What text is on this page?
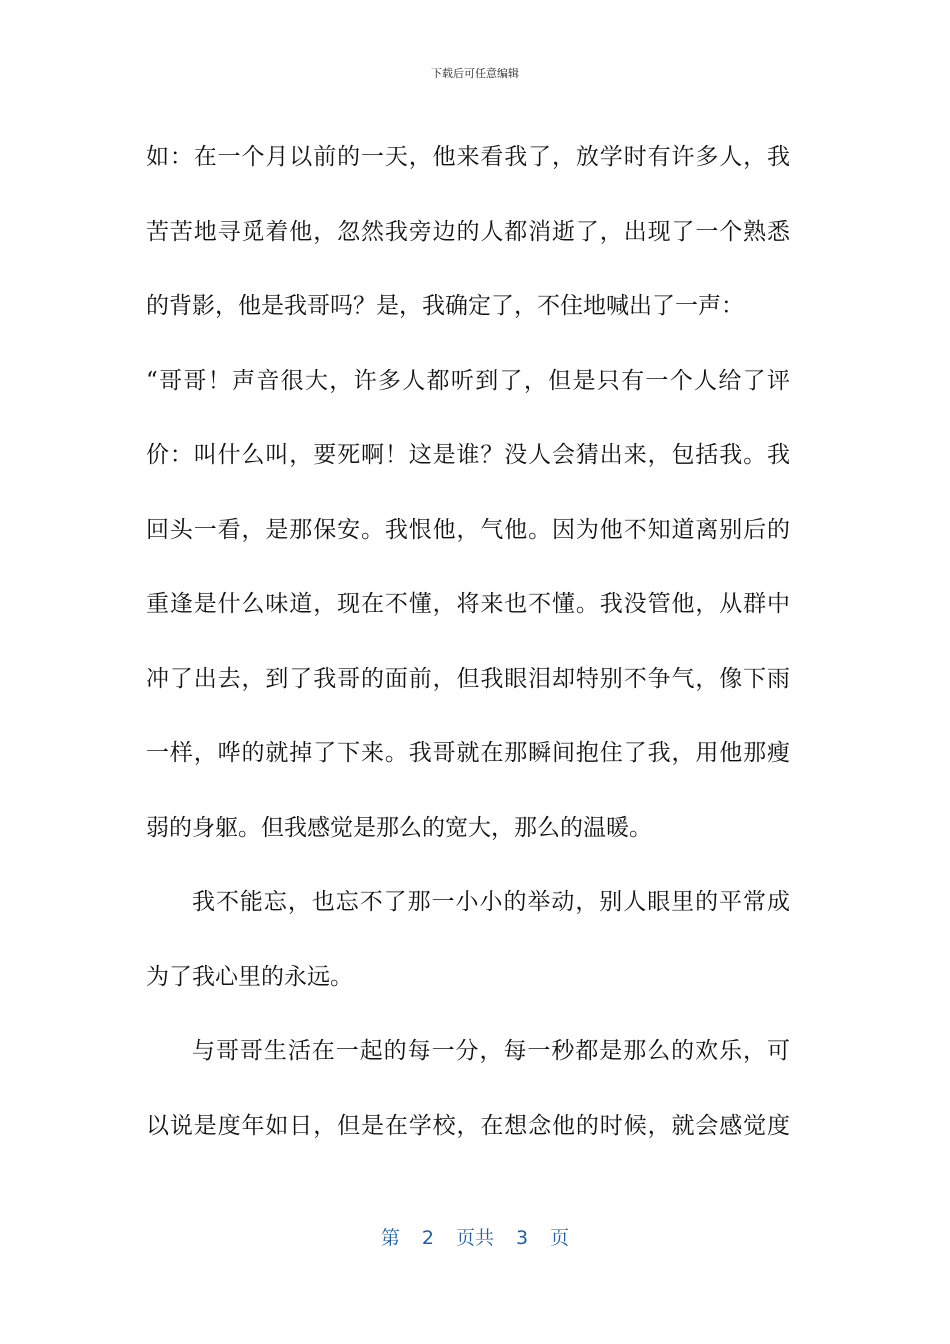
下载后可任意编辑
如：在一个月以前的一天，他来看我了，放学时有许多人，我
苦苦地寻觅着他，忽然我旁边的人都消逝了，出现了一个熟悉
的背影，他是我哥吗？是，我确定了，不住地喊出了一声：
“哥哥！声音很大，许多人都听到了，但是只有一个人给了评
价：叫什么叫，要死啊！这是谁？没人会猜出来，包括我。我
回头一看，是那保安。我恨他，气他。因为他不知道离别后的
重逢是什么味道，现在不懂，将来也不懂。我没管他，从群中
冲了出去，到了我哥的面前，但我眼泪却特别不争气，像下雨
一样，哗的就掉了下来。我哥就在那瞬间抱住了我，用他那瘦
弱的身躯。但我感觉是那么的宽大，那么的温暖。
我不能忘，也忘不了那一小小的举动，别人眼里的平常成
为了我心里的永远。
与哥哥生活在一起的每一分，每一秒都是那么的欢乐，可
以说是度年如日，但是在学校，在想念他的时候，就会感觉度
第 2 页共 3 页
